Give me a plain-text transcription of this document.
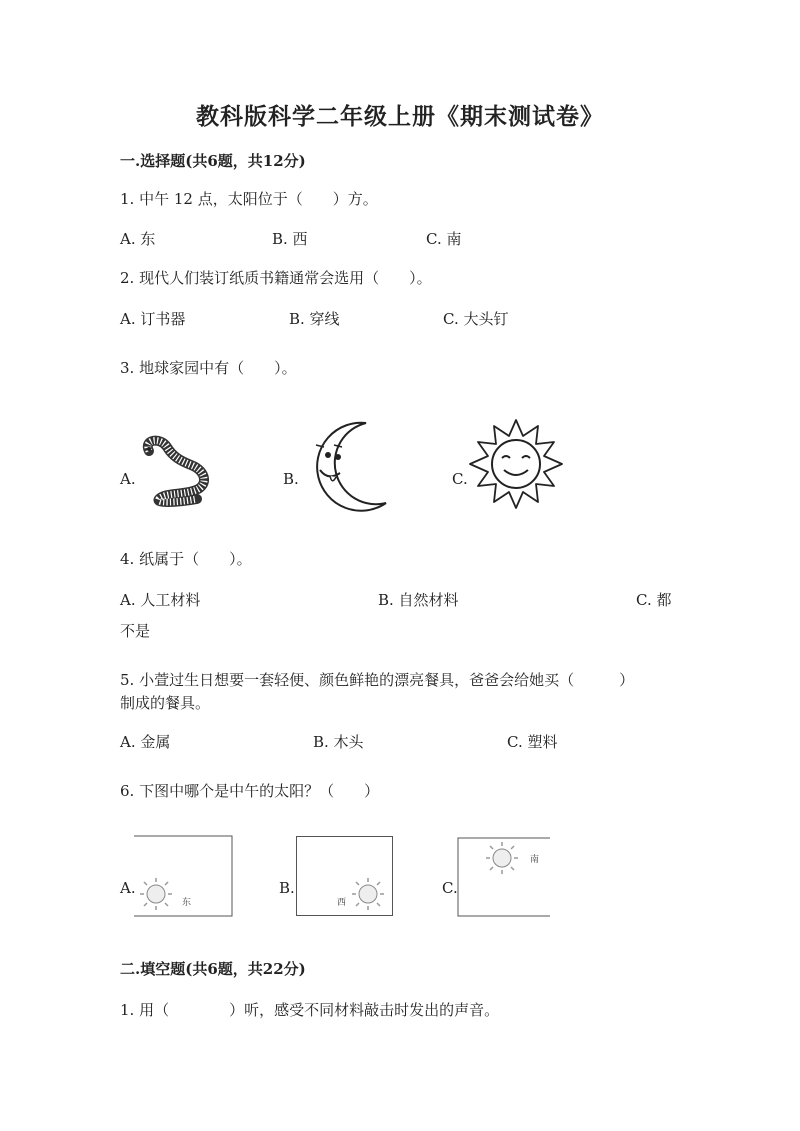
教科版科学二年级上册《期末测试卷》
一.选择题(共6题，共12分)
1. 中午 12 点，太阳位于（　　）方。
A. 东	B. 西	C. 南
2. 现代人们装订纸质书籍通常会选用（　　）。
A. 订书器	B. 穿线	C. 大头钉
3. 地球家园中有（　　）。
A.	B.	C.
4. 纸属于（　　）。
A. 人工材料	B. 自然材料	C. 都
不是
5. 小萱过生日想要一套轻便、颜色鲜艳的漂亮餐具，爸爸会给她买（　　　）
制成的餐具。
A. 金属	B. 木头	C. 塑料
6. 下图中哪个是中午的太阳？（　　）
A.	B.	C.
东	西
南
二.填空题(共6题，共22分)
1. 用（　　　　）听，感受不同材料敲击时发出的声音。
